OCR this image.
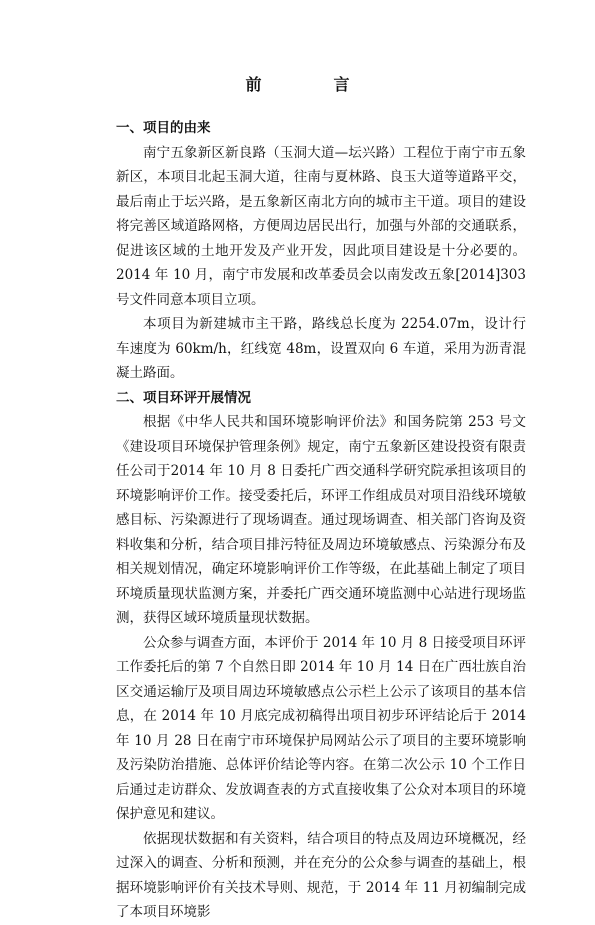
前　言
一、项目的由来

南宁五象新区新良路（玉洞大道—坛兴路）工程位于南宁市五象新区，本项目北起玉洞大道，往南与夏林路、良玉大道等道路平交，最后南止于坛兴路，是五象新区南北方向的城市主干道。项目的建设将完善区域道路网格，方便周边居民出行，加强与外部的交通联系，促进该区域的土地开发及产业开发，因此项目建设是十分必要的。2014 年 10 月，南宁市发展和改革委员会以南发改五象[2014]303 号文件同意本项目立项。

本项目为新建城市主干路，路线总长度为 2254.07m，设计行车速度为 60km/h，红线宽 48m，设置双向 6 车道，采用为沥青混凝土路面。

二、项目环评开展情况

根据《中华人民共和国环境影响评价法》和国务院第 253 号文《建设项目环境保护管理条例》规定，南宁五象新区建设投资有限责任公司于2014 年 10 月 8 日委托广西交通科学研究院承担该项目的环境影响评价工作。接受委托后，环评工作组成员对项目沿线环境敏感目标、污染源进行了现场调查。通过现场调查、相关部门咨询及资料收集和分析，结合项目排污特征及周边环境敏感点、污染源分布及相关规划情况，确定环境影响评价工作等级，在此基础上制定了项目环境质量现状监测方案，并委托广西交通环境监测中心站进行现场监测，获得区域环境质量现状数据。

公众参与调查方面，本评价于 2014 年 10 月 8 日接受项目环评工作委托后的第 7 个自然日即 2014 年 10 月 14 日在广西壮族自治区交通运输厅及项目周边环境敏感点公示栏上公示了该项目的基本信息，在 2014 年 10 月底完成初稿得出项目初步环评结论后于 2014 年 10 月 28 日在南宁市环境保护局网站公示了项目的主要环境影响及污染防治措施、总体评价结论等内容。在第二次公示 10 个工作日后通过走访群众、发放调查表的方式直接收集了公众对本项目的环境保护意见和建议。

依据现状数据和有关资料，结合项目的特点及周边环境概况，经过深入的调查、分析和预测，并在充分的公众参与调查的基础上，根据环境影响评价有关技术导则、规范，于 2014 年 11 月初编制完成了本项目环境影
